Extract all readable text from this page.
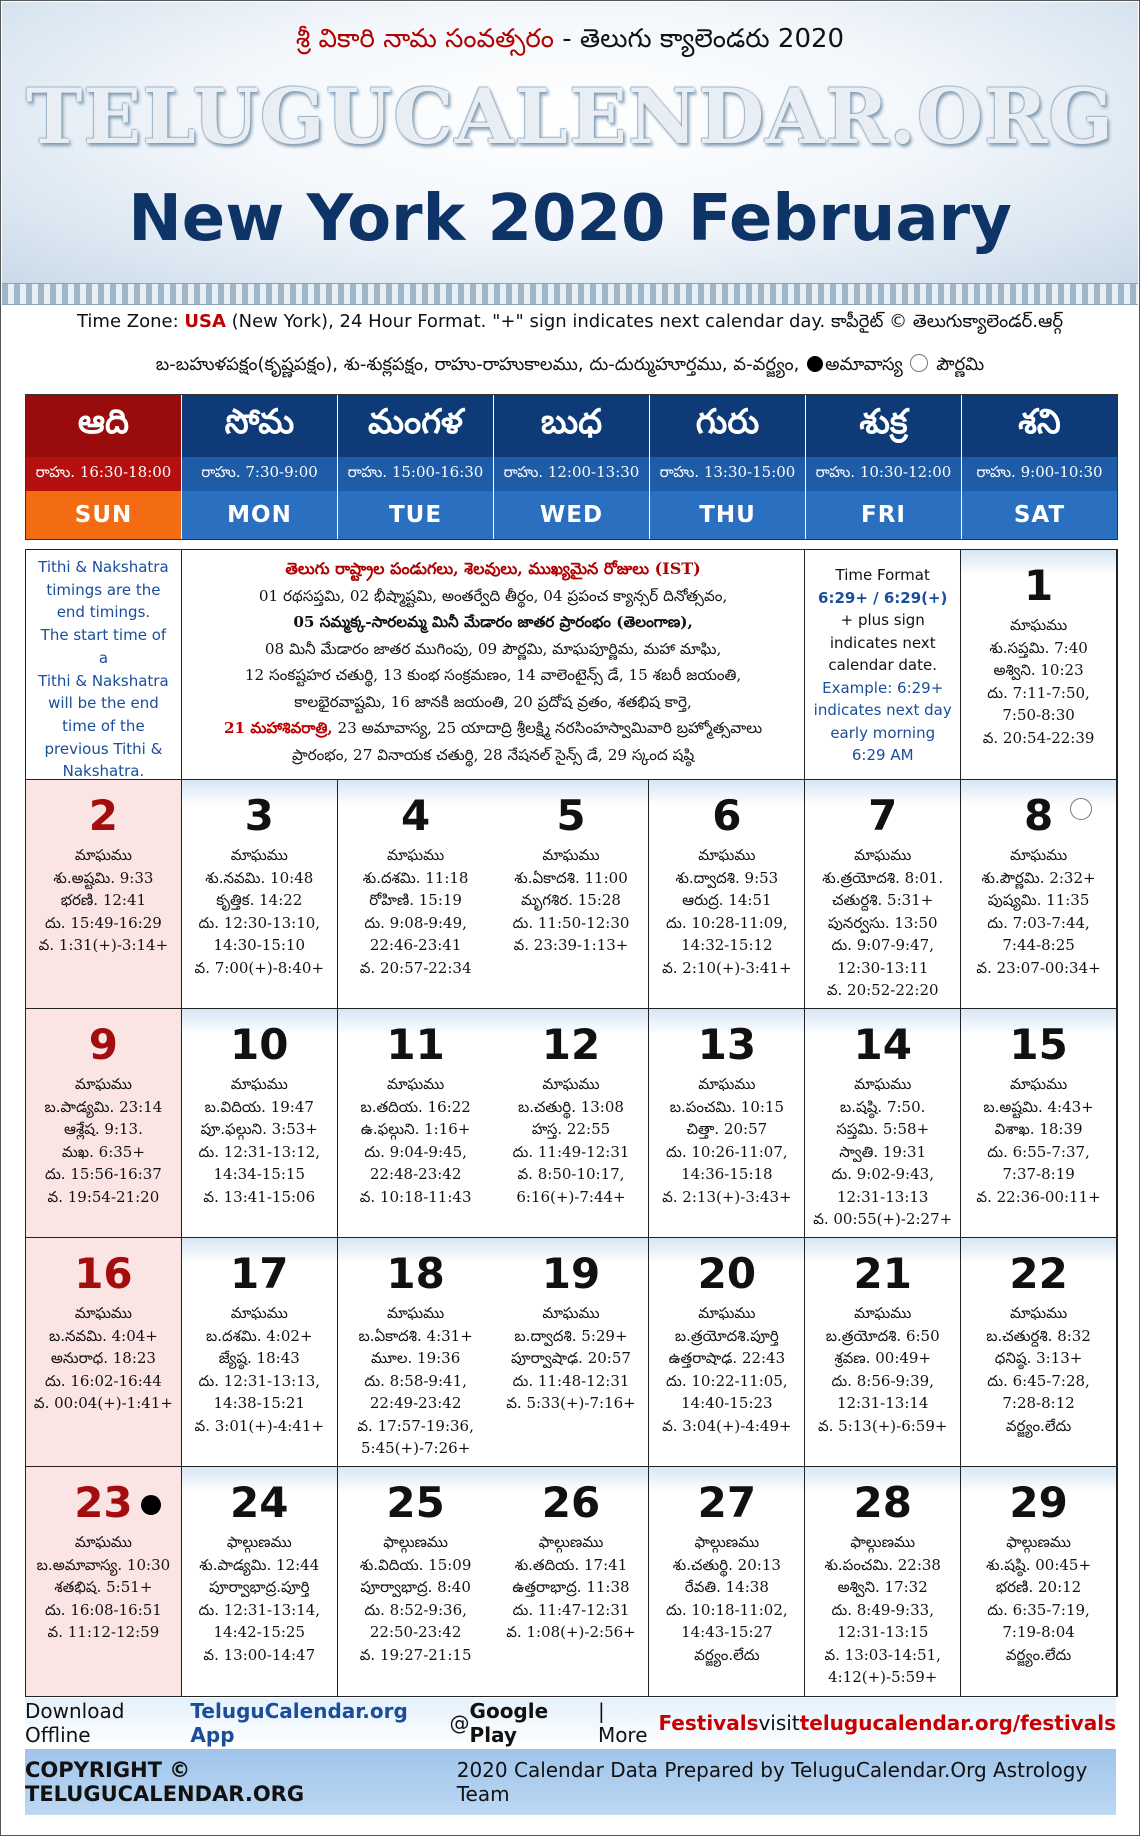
శ్రీ వికారి నామ సంవత్సరం - తెలుగు క్యాలెండరు 2020
TELUGUCALENDAR.ORG
New York 2020 February
Time Zone: USA (New York), 24 Hour Format. "+" sign indicates next calendar day. కాపీరైట్ © తెలుగుక్యాలెండర్.ఆర్గ్
బ-బహుళపక్షం(కృష్ణపక్షం), శు-శుక్లపక్షం, రాహు-రాహుకాలము, దు-దుర్ముహూర్తము, వ-వర్జ్యం, అమావాస్య పౌర్ణమి
ఆది
రాహు. 16:30-18:00
SUN
సోమ
రాహు. 7:30-9:00
MON
మంగళ
రాహు. 15:00-16:30
TUE
బుధ
రాహు. 12:00-13:30
WED
గురు
రాహు. 13:30-15:00
THU
శుక్ర
రాహు. 10:30-12:00
FRI
శని
రాహు. 9:00-10:30
SAT
Tithi & Nakshatra
timings are the
end timings.
The start time of a
Tithi & Nakshatra
will be the end
time of the
previous Tithi &
Nakshatra.
తెలుగు రాష్ట్రాల పండుగలు, శెలవులు, ముఖ్యమైన రోజులు (IST)
01 రథసప్తమి, 02 భీష్మాష్టమి, అంతర్వేది తీర్థం, 04 ప్రపంచ క్యాన్సర్ దినోత్సవం,
05 సమ్మక్క-సారలమ్మ మినీ మేడారం జాతర ప్రారంభం (తెలంగాణ),
08 మినీ మేడారం జాతర ముగింపు, 09 పౌర్ణమి, మాఘపూర్ణిమ, మహా మాఘి,
12 సంకష్టహర చతుర్థి, 13 కుంభ సంక్రమణం, 14 వాలెంటైన్స్ డే, 15 శబరీ జయంతి,
కాలభైరవాష్టమి, 16 జానకి జయంతి, 20 ప్రదోష వ్రతం, శతభిష కార్తె,
21 మహాశివరాత్రి, 23 అమావాస్య, 25 యాదాద్రి శ్రీలక్ష్మి నరసింహస్వామివారి బ్రహ్మోత్సవాలు
ప్రారంభం, 27 వినాయక చతుర్థి, 28 నేషనల్ సైన్స్ డే, 29 స్కంద షష్ఠి
Time Format
6:29+ / 6:29(+)
+ plus sign
indicates next
calendar date.
Example: 6:29+
indicates next day
early morning
6:29 AM
1
మాఘము
శు.సప్తమి. 7:40
అశ్విని. 10:23
దు. 7:11-7:50,
7:50-8:30
వ. 20:54-22:39
2
మాఘము
శు.అష్టమి. 9:33
భరణి. 12:41
దు. 15:49-16:29
వ. 1:31(+)-3:14+
3
మాఘము
శు.నవమి. 10:48
కృత్తిక. 14:22
దు. 12:30-13:10,
14:30-15:10
వ. 7:00(+)-8:40+
4
మాఘము
శు.దశమి. 11:18
రోహిణి. 15:19
దు. 9:08-9:49,
22:46-23:41
వ. 20:57-22:34
5
మాఘము
శు.ఏకాదశి. 11:00
మృగశిర. 15:28
దు. 11:50-12:30
వ. 23:39-1:13+
6
మాఘము
శు.ద్వాదశి. 9:53
ఆరుద్ర. 14:51
దు. 10:28-11:09,
14:32-15:12
వ. 2:10(+)-3:41+
7
మాఘము
శు.త్రయోదశి. 8:01.
చతుర్దశి. 5:31+
పునర్వసు. 13:50
దు. 9:07-9:47,
12:30-13:11
వ. 20:52-22:20
8
మాఘము
శు.పౌర్ణమి. 2:32+
పుష్యమి. 11:35
దు. 7:03-7:44,
7:44-8:25
వ. 23:07-00:34+
9
మాఘము
బ.పాడ్యమి. 23:14
ఆశ్లేష. 9:13.
మఖ. 6:35+
దు. 15:56-16:37
వ. 19:54-21:20
10
మాఘము
బ.విదియ. 19:47
పూ.ఫల్గుని. 3:53+
దు. 12:31-13:12,
14:34-15:15
వ. 13:41-15:06
11
మాఘము
బ.తదియ. 16:22
ఉ.ఫల్గుని. 1:16+
దు. 9:04-9:45,
22:48-23:42
వ. 10:18-11:43
12
మాఘము
బ.చతుర్థి. 13:08
హస్త. 22:55
దు. 11:49-12:31
వ. 8:50-10:17,
6:16(+)-7:44+
13
మాఘము
బ.పంచమి. 10:15
చిత్తా. 20:57
దు. 10:26-11:07,
14:36-15:18
వ. 2:13(+)-3:43+
14
మాఘము
బ.షష్ఠి. 7:50.
సప్తమి. 5:58+
స్వాతి. 19:31
దు. 9:02-9:43,
12:31-13:13
వ. 00:55(+)-2:27+
15
మాఘము
బ.అష్టమి. 4:43+
విశాఖ. 18:39
దు. 6:55-7:37,
7:37-8:19
వ. 22:36-00:11+
16
మాఘము
బ.నవమి. 4:04+
అనురాధ. 18:23
దు. 16:02-16:44
వ. 00:04(+)-1:41+
17
మాఘము
బ.దశమి. 4:02+
జ్యేష్ఠ. 18:43
దు. 12:31-13:13,
14:38-15:21
వ. 3:01(+)-4:41+
18
మాఘము
బ.ఏకాదశి. 4:31+
మూల. 19:36
దు. 8:58-9:41,
22:49-23:42
వ. 17:57-19:36,
5:45(+)-7:26+
19
మాఘము
బ.ద్వాదశి. 5:29+
పూర్వాషాఢ. 20:57
దు. 11:48-12:31
వ. 5:33(+)-7:16+
20
మాఘము
బ.త్రయోదశి.పూర్తి
ఉత్తరాషాఢ. 22:43
దు. 10:22-11:05,
14:40-15:23
వ. 3:04(+)-4:49+
21
మాఘము
బ.త్రయోదశి. 6:50
శ్రవణ. 00:49+
దు. 8:56-9:39,
12:31-13:14
వ. 5:13(+)-6:59+
22
మాఘము
బ.చతుర్దశి. 8:32
ధనిష్ఠ. 3:13+
దు. 6:45-7:28,
7:28-8:12
వర్జ్యం.లేదు
23
మాఘము
బ.అమావాస్య. 10:30
శతభిష. 5:51+
దు. 16:08-16:51
వ. 11:12-12:59
24
ఫాల్గుణము
శు.పాడ్యమి. 12:44
పూర్వాభాద్ర.పూర్తి
దు. 12:31-13:14,
14:42-15:25
వ. 13:00-14:47
25
ఫాల్గుణము
శు.విదియ. 15:09
పూర్వాభాద్ర. 8:40
దు. 8:52-9:36,
22:50-23:42
వ. 19:27-21:15
26
ఫాల్గుణము
శు.తదియ. 17:41
ఉత్తరాభాద్ర. 11:38
దు. 11:47-12:31
వ. 1:08(+)-2:56+
27
ఫాల్గుణము
శు.చతుర్థి. 20:13
రేవతి. 14:38
దు. 10:18-11:02,
14:43-15:27
వర్జ్యం.లేదు
28
ఫాల్గుణము
శు.పంచమి. 22:38
అశ్విని. 17:32
దు. 8:49-9:33,
12:31-13:15
వ. 13:03-14:51,
4:12(+)-5:59+
29
ఫాల్గుణము
శు.షష్ఠి. 00:45+
భరణి. 20:12
దు. 6:35-7:19,
7:19-8:04
వర్జ్యం.లేదు
Download Offline
TeluguCalendar.org App	@ Google Play
| More Festivals visit telugucalendar.org/festivals
COPYRIGHT © TELUGUCALENDAR.ORG
2020 Calendar Data Prepared by TeluguCalendar.Org Astrology Team
